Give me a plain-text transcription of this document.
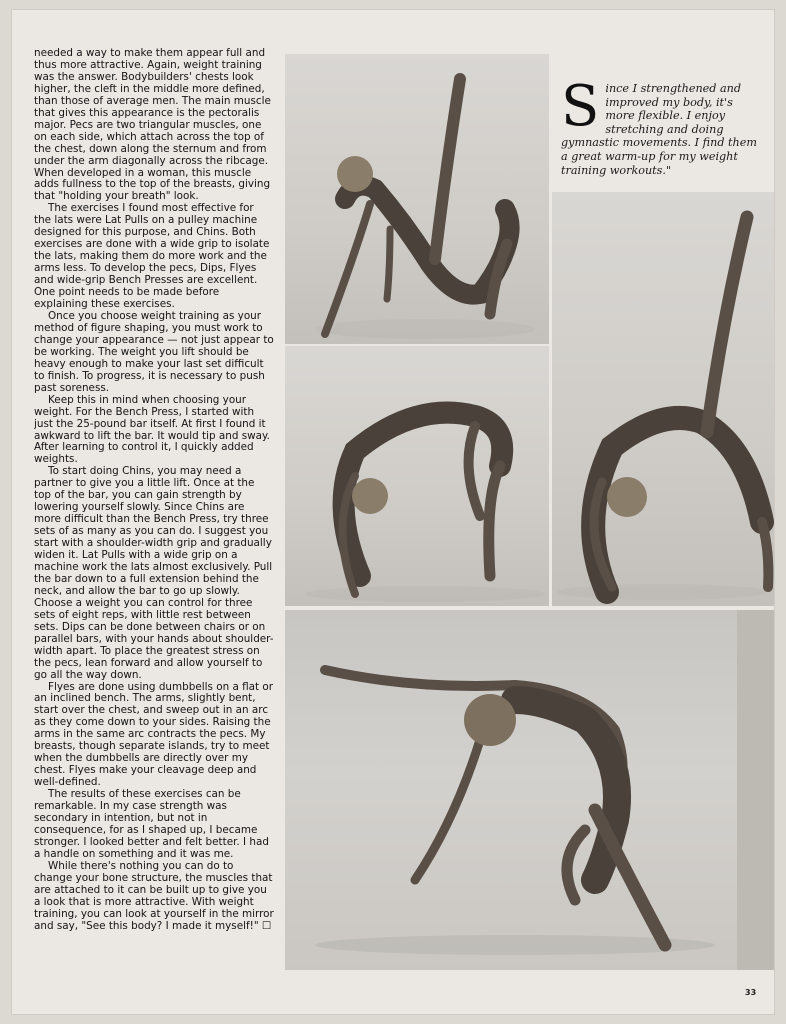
needed a way to make them appear full and thus more attractive. Again, weight training was the answer. Bodybuilders' chests look higher, the cleft in the middle more defined, than those of average men. The main muscle that gives this appearance is the pectoralis major. Pecs are two triangular muscles, one on each side, which attach across the top of the chest, down along the sternum and from under the arm diagonally across the ribcage. When developed in a woman, this muscle adds fullness to the top of the breasts, giving that "holding your breath" look.

The exercises I found most effective for the lats were Lat Pulls on a pulley machine designed for this purpose, and Chins. Both exercises are done with a wide grip to isolate the lats, making them do more work and the arms less. To develop the pecs, Dips, Flyes and wide-grip Bench Presses are excellent. One point needs to be made before explaining these exercises.

Once you choose weight training as your method of figure shaping, you must work to change your appearance — not just appear to be working. The weight you lift should be heavy enough to make your last set difficult to finish. To progress, it is necessary to push past soreness.

Keep this in mind when choosing your weight. For the Bench Press, I started with just the 25-pound bar itself. At first I found it awkward to lift the bar. It would tip and sway. After learning to control it, I quickly added weights.

To start doing Chins, you may need a partner to give you a little lift. Once at the top of the bar, you can gain strength by lowering yourself slowly. Since Chins are more difficult than the Bench Press, try three sets of as many as you can do. I suggest you start with a shoulder-width grip and gradually widen it. Lat Pulls with a wide grip on a machine work the lats almost exclusively. Pull the bar down to a full extension behind the neck, and allow the bar to go up slowly. Choose a weight you can control for three sets of eight reps, with little rest between sets. Dips can be done between chairs or on parallel bars, with your hands about shoulder-width apart. To place the greatest stress on the pecs, lean forward and allow yourself to go all the way down.

Flyes are done using dumbbells on a flat or an inclined bench. The arms, slightly bent, start over the chest, and sweep out in an arc as they come down to your sides. Raising the arms in the same arc contracts the pecs. My breasts, though separate islands, try to meet when the dumbbells are directly over my chest. Flyes make your cleavage deep and well-defined.

The results of these exercises can be remarkable. In my case strength was secondary in intention, but not in consequence, for as I shaped up, I became stronger. I looked better and felt better. I had a handle on something and it was me.

While there's nothing you can do to change your bone structure, the muscles that are attached to it can be built up to give you a look that is more attractive. With weight training, you can look at yourself in the mirror and say, "See this body? I made it myself!" ☐

S ince I strengthened and improved my body, it's more flexible. I enjoy stretching and doing gymnastic movements. I find them a great warm-up for my weight training workouts."
33
